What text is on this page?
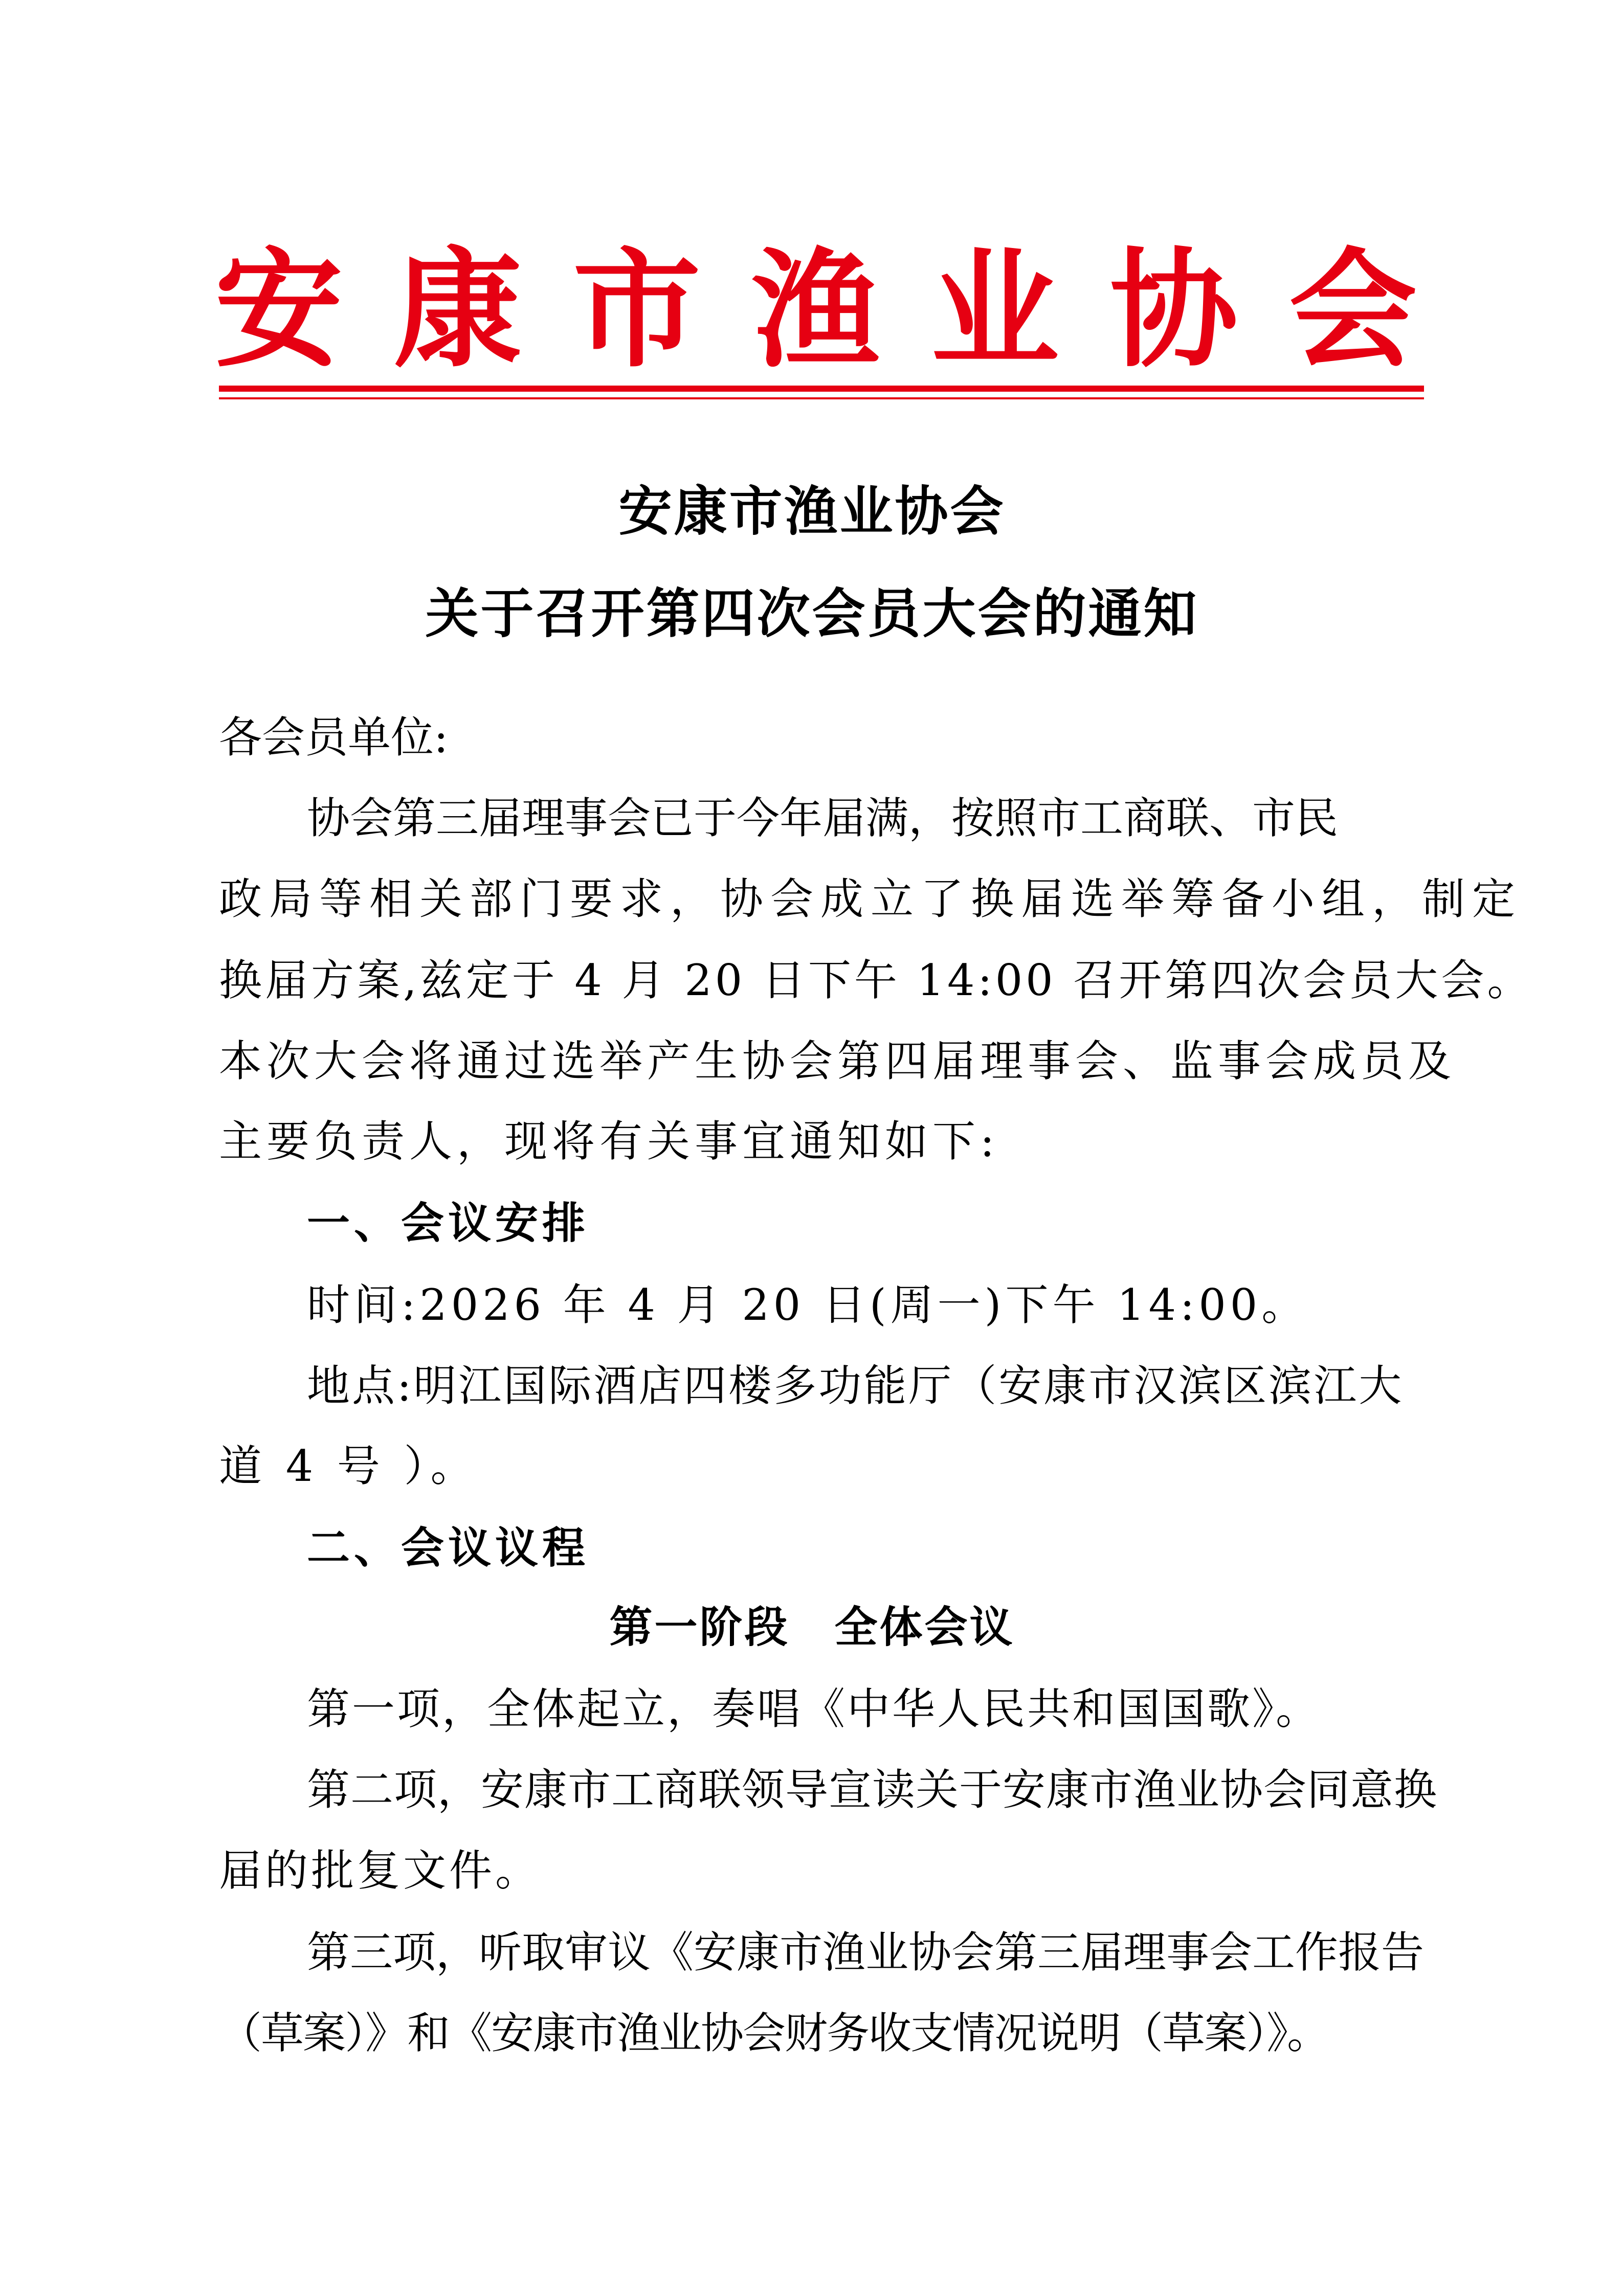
安 康 市 渔 业 协 会
安康市渔业协会
关于召开第四次会员大会的通知
各会员单位:
协会第三届理事会已于今年届满，按照市工商联、市民
政局等相关部门要求，协会成立了换届选举筹备小组，制定
换届方案,兹定于 4 月 20 日下午 14:00 召开第四次会员大会。
本次大会将通过选举产生协会第四届理事会、监事会成员及
主要负责人，现将有关事宜通知如下:
一、会议安排
时间:2026 年 4 月 20 日(周一)下午 14:00。
地点:明江国际酒店四楼多功能厅（安康市汉滨区滨江大
道 4 号 ）。
二、会议议程
第一阶段　全体会议
第一项，全体起立，奏唱《中华人民共和国国歌》。
第二项，安康市工商联领导宣读关于安康市渔业协会同意换
届的批复文件。
第三项，听取审议《安康市渔业协会第三届理事会工作报告
（草案）》和《安康市渔业协会财务收支情况说明（草案）》。
